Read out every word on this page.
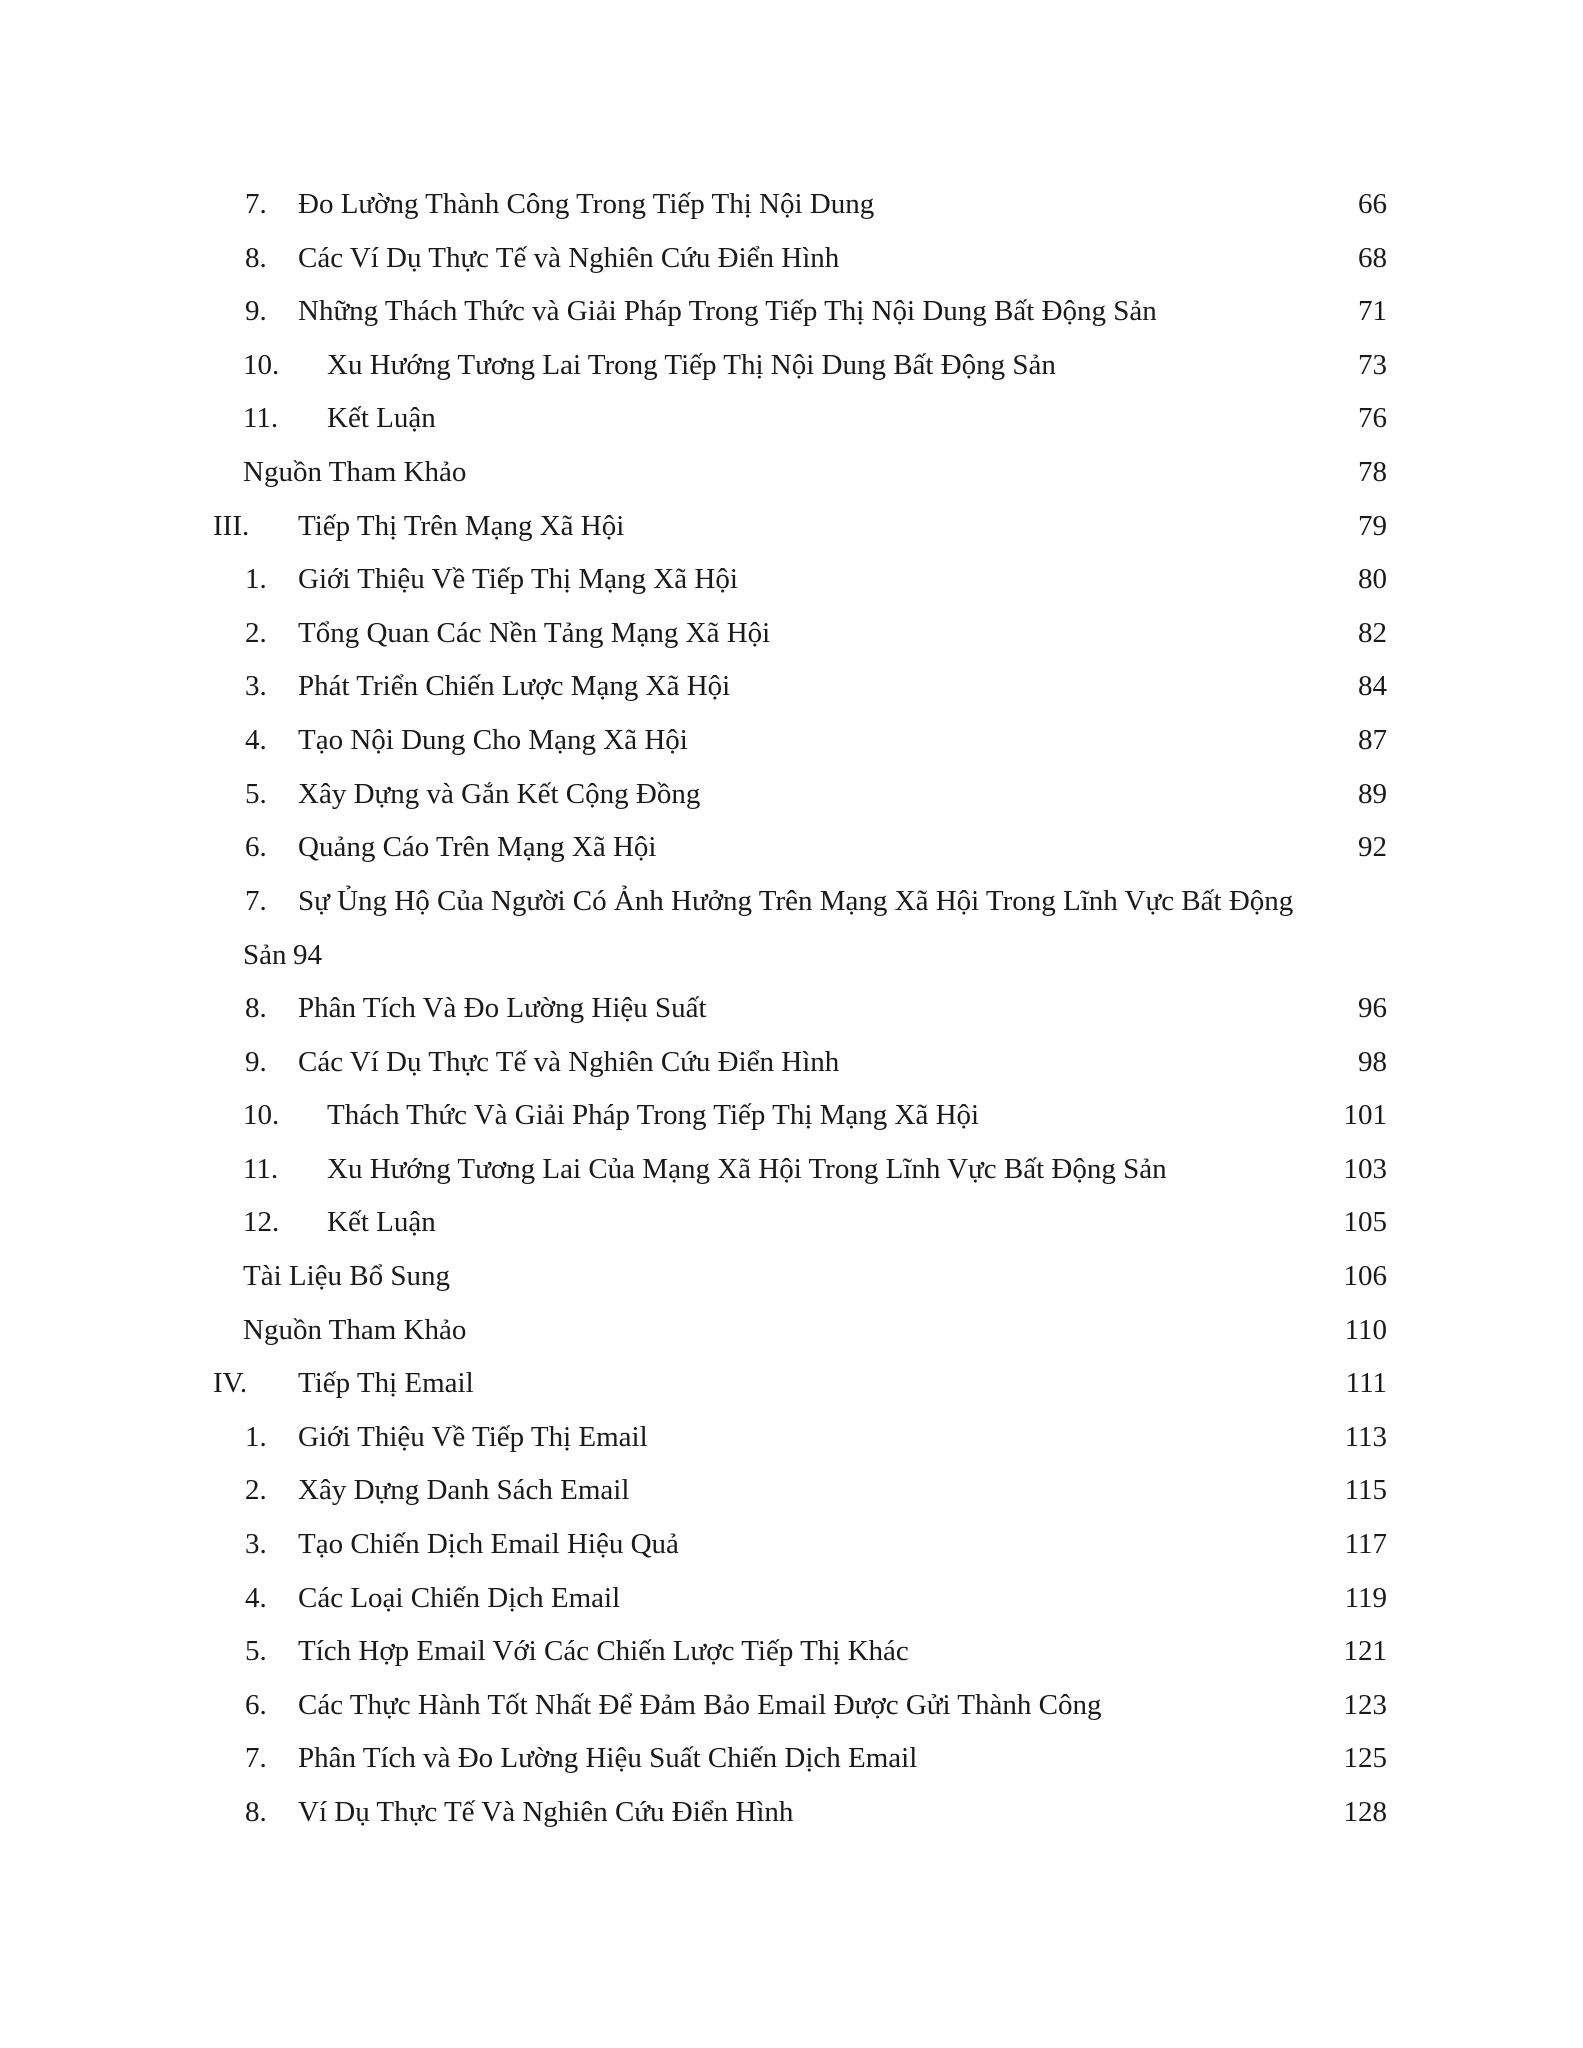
7. Đo Lường Thành Công Trong Tiếp Thị Nội Dung	66
8. Các Ví Dụ Thực Tế và Nghiên Cứu Điển Hình	68
9. Những Thách Thức và Giải Pháp Trong Tiếp Thị Nội Dung Bất Động Sản	71
10. Xu Hướng Tương Lai Trong Tiếp Thị Nội Dung Bất Động Sản	73
11. Kết Luận	76
Nguồn Tham Khảo	78
III. Tiếp Thị Trên Mạng Xã Hội	79
1. Giới Thiệu Về Tiếp Thị Mạng Xã Hội	80
2. Tổng Quan Các Nền Tảng Mạng Xã Hội	82
3. Phát Triển Chiến Lược Mạng Xã Hội	84
4. Tạo Nội Dung Cho Mạng Xã Hội	87
5. Xây Dựng và Gắn Kết Cộng Đồng	89
6. Quảng Cáo Trên Mạng Xã Hội	92
7. Sự Ủng Hộ Của Người Có Ảnh Hưởng Trên Mạng Xã Hội Trong Lĩnh Vực Bất Động
Sản 94
8. Phân Tích Và Đo Lường Hiệu Suất	96
9. Các Ví Dụ Thực Tế và Nghiên Cứu Điển Hình	98
10. Thách Thức Và Giải Pháp Trong Tiếp Thị Mạng Xã Hội	101
11. Xu Hướng Tương Lai Của Mạng Xã Hội Trong Lĩnh Vực Bất Động Sản	103
12. Kết Luận	105
Tài Liệu Bổ Sung	106
Nguồn Tham Khảo	110
IV. Tiếp Thị Email	111
1. Giới Thiệu Về Tiếp Thị Email	113
2. Xây Dựng Danh Sách Email	115
3. Tạo Chiến Dịch Email Hiệu Quả	117
4. Các Loại Chiến Dịch Email	119
5. Tích Hợp Email Với Các Chiến Lược Tiếp Thị Khác	121
6. Các Thực Hành Tốt Nhất Để Đảm Bảo Email Được Gửi Thành Công	123
7. Phân Tích và Đo Lường Hiệu Suất Chiến Dịch Email	125
8. Ví Dụ Thực Tế Và Nghiên Cứu Điển Hình	128
